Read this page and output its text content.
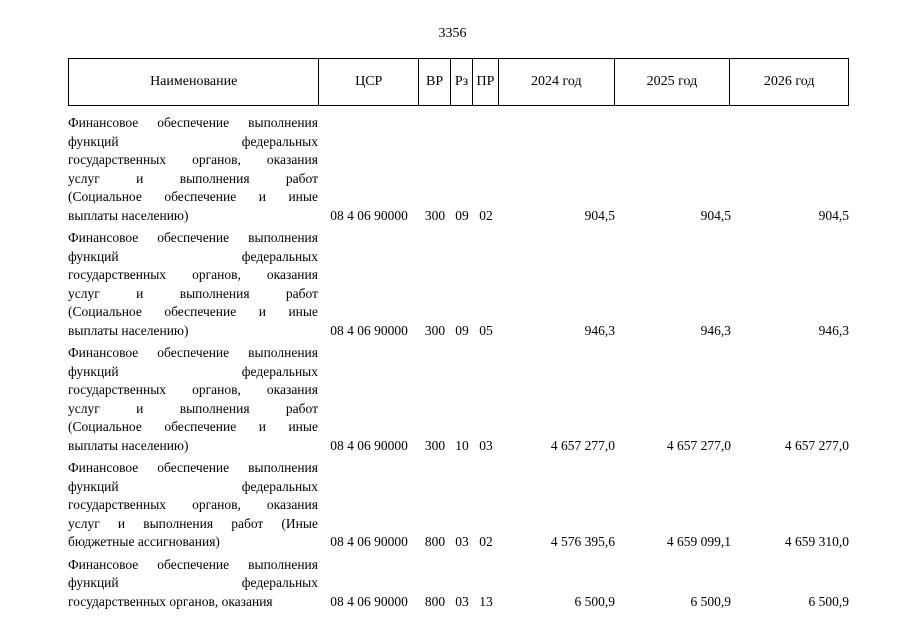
3356
Наименование	ЦСР	ВР Рз ПР	2024 год	2025 год	2026 год
Финансовое обеспечение выполнения
функций	федеральных
государственных органов, оказания
услуг	и	выполнения	работ
(Социальное обеспечение и иные
выплаты населению)	08 4 06 90000	300 09 02	904,5	904,5	904,5
Финансовое обеспечение выполнения
функций	федеральных
государственных органов, оказания
услуг	и	выполнения	работ
(Социальное обеспечение и иные
выплаты населению)	08 4 06 90000	300 09 05	946,3	946,3	946,3
Финансовое обеспечение выполнения
функций	федеральных
государственных органов, оказания
услуг	и	выполнения	работ
(Социальное обеспечение и иные
выплаты населению)	08 4 06 90000	300 10 03	4 657 277,0	4 657 277,0	4 657 277,0
Финансовое обеспечение выполнения
функций	федеральных
государственных органов, оказания
услуг и выполнения работ (Иные
бюджетные ассигнования)	08 4 06 90000	800 03 02	4 576 395,6	4 659 099,1	4 659 310,0
Финансовое обеспечение выполнения
функций	федеральных
государственных органов, оказания	08 4 06 90000	800 03 13	6 500,9	6 500,9	6 500,9
